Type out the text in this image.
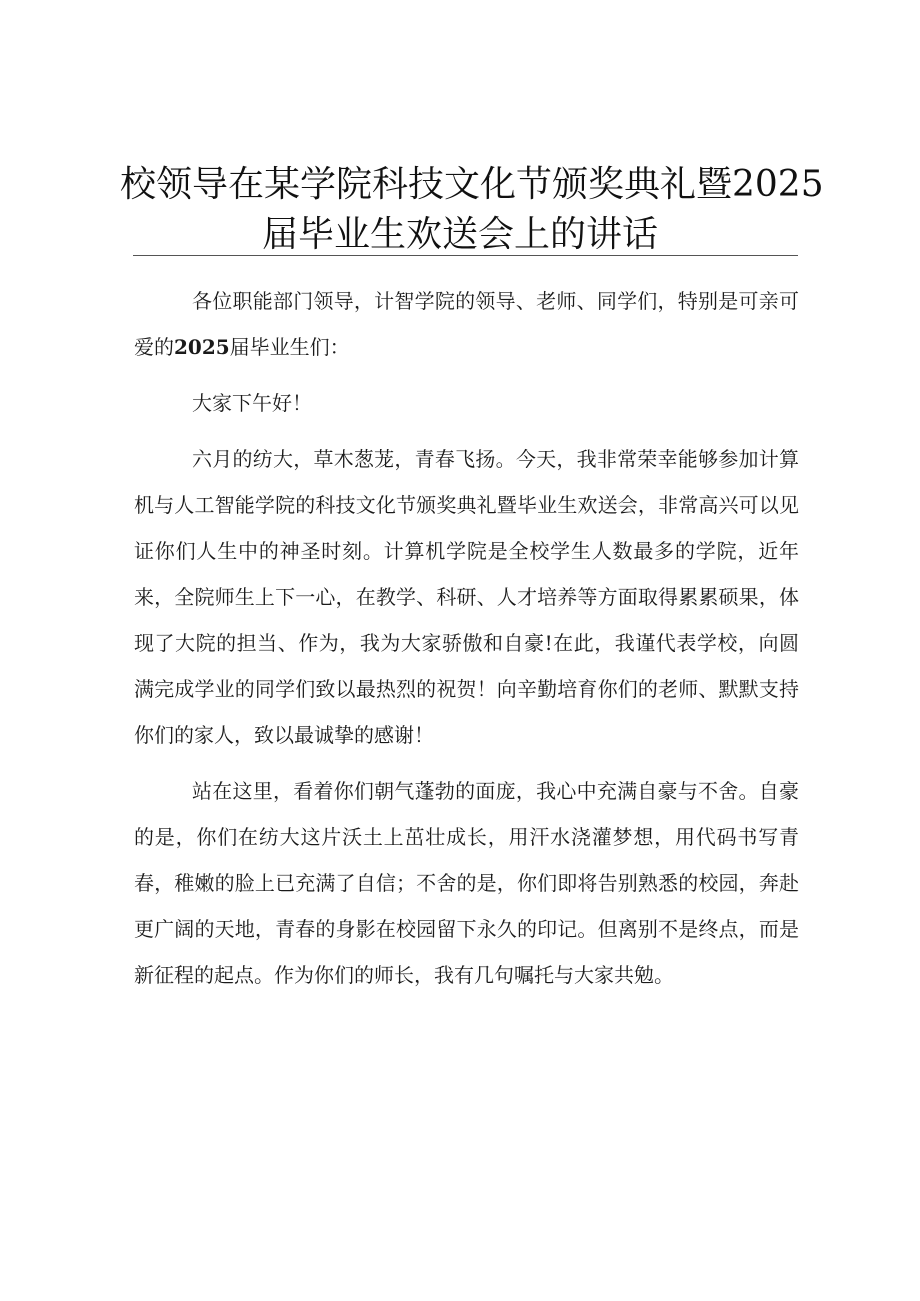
校领导在某学院科技文化节颁奖典礼暨2025
届毕业生欢送会上的讲话

各位职能部门领导，计智学院的领导、老师、同学们，特别是可亲可爱的2025届毕业生们：

大家下午好！

六月的纺大，草木葱茏，青春飞扬。今天，我非常荣幸能够参加计算机与人工智能学院的科技文化节颁奖典礼暨毕业生欢送会，非常高兴可以见证你们人生中的神圣时刻。计算机学院是全校学生人数最多的学院，近年来，全院师生上下一心，在教学、科研、人才培养等方面取得累累硕果，体现了大院的担当、作为，我为大家骄傲和自豪!在此，我谨代表学校，向圆满完成学业的同学们致以最热烈的祝贺！向辛勤培育你们的老师、默默支持你们的家人，致以最诚挚的感谢！

站在这里，看着你们朝气蓬勃的面庞，我心中充满自豪与不舍。自豪的是，你们在纺大这片沃土上茁壮成长，用汗水浇灌梦想，用代码书写青春，稚嫩的脸上已充满了自信；不舍的是，你们即将告别熟悉的校园，奔赴更广阔的天地，青春的身影在校园留下永久的印记。但离别不是终点，而是新征程的起点。作为你们的师长，我有几句嘱托与大家共勉。
